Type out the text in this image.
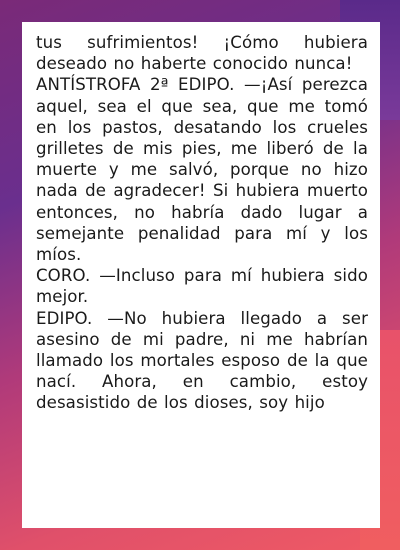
tus sufrimientos! ¡Cómo hubiera deseado no haberte conocido nunca!

ANTÍSTROFA 2ª EDIPO. —¡Así perezca aquel, sea el que sea, que me tomó en los pastos, desatando los crueles grilletes de mis pies, me liberó de la muerte y me salvó, porque no hizo nada de agradecer! Si hubiera muerto entonces, no habría dado lugar a semejante penalidad para mí y los míos.

CORO. —Incluso para mí hubiera sido mejor.

EDIPO. —No hubiera llegado a ser asesino de mi padre, ni me habrían llamado los mortales esposo de la que nací. Ahora, en cambio, estoy desasistido de los dioses, soy hijo
